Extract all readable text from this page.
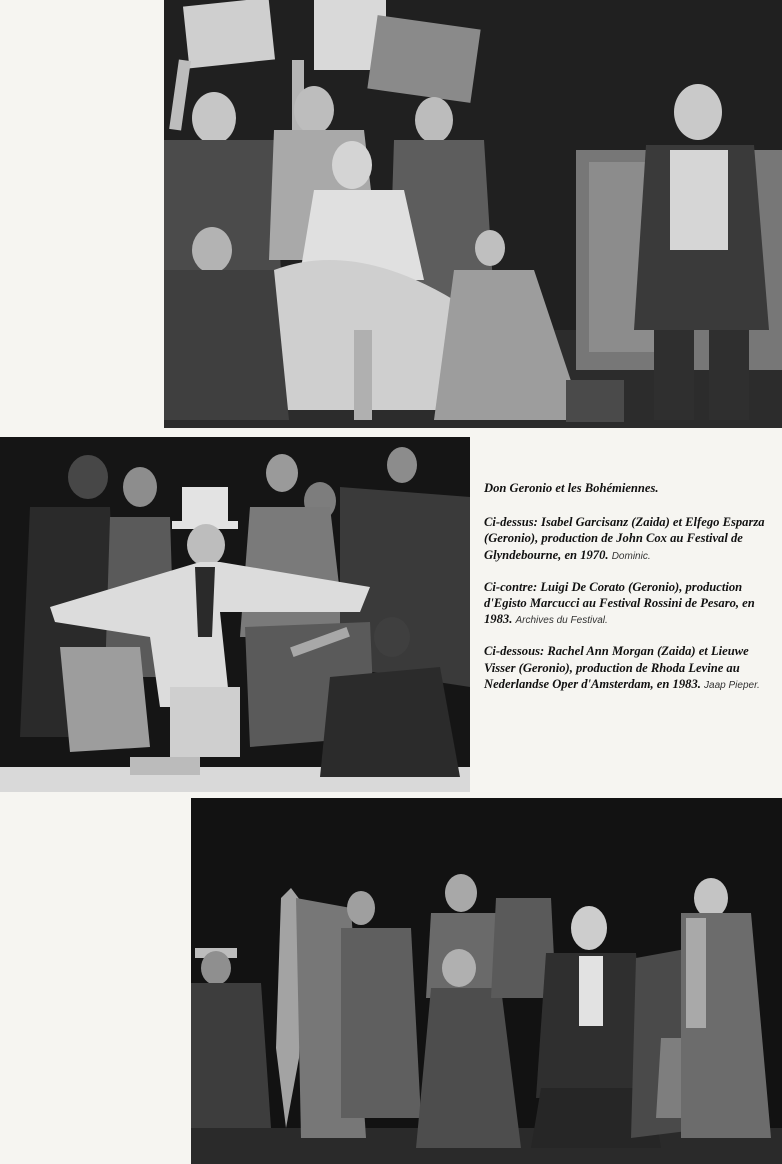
Don Geronio et les Bohémiennes.

Ci-dessus: Isabel Garcisanz (Zaida) et Elfego Esparza (Geronio), production de John Cox au Festival de Glyndebourne, en 1970. Dominic.

Ci-contre: Luigi De Corato (Geronio), production d'Egisto Marcucci au Festival Rossini de Pesaro, en 1983. Archives du Festival.

Ci-dessous: Rachel Ann Morgan (Zaida) et Lieuwe Visser (Geronio), production de Rhoda Levine au Nederlandse Oper d'Amsterdam, en 1983. Jaap Pieper.
